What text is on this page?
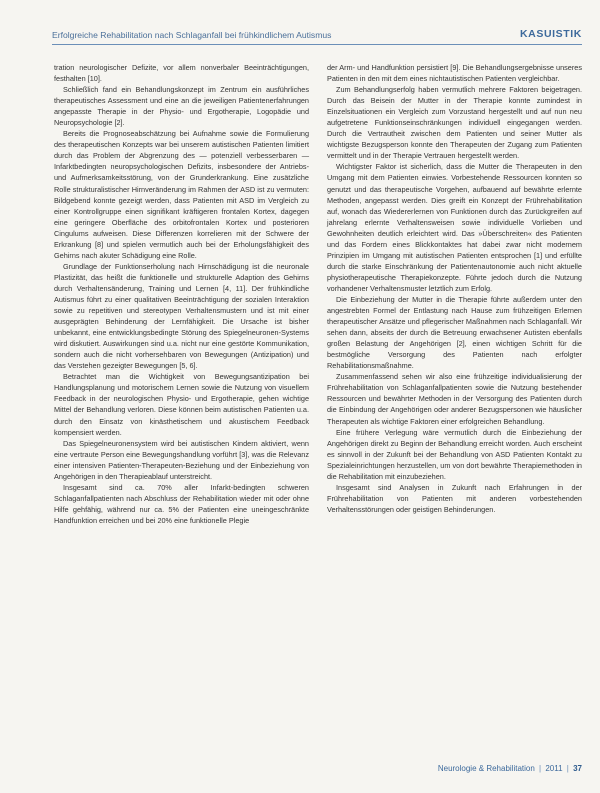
Erfolgreiche Rehabilitation nach Schlaganfall bei frühkindlichem Autismus	KASUISTIK

tration neurologischer Defizite, vor allem nonverbaler Beeinträchtigungen, festhalten [10].

Schließlich fand ein Behandlungskonzept im Zentrum ein ausführliches therapeutisches Assessment und eine an die jeweiligen Patientenerfahrungen angepasste Therapie in der Physio- und Ergotherapie, Logopädie und Neuropsychologie [2].

Bereits die Prognoseabschätzung bei Aufnahme sowie die Formulierung des therapeutischen Konzepts war bei unserem autistischen Patienten limitiert durch das Problem der Abgrenzung des — potenziell verbesserbaren — Infarktbedingten neuropsychologischen Defizits, insbesondere der Antriebs- und Aufmerksamkeitsstörung, von der Grunderkrankung. Eine zusätzliche Rolle strukturalistischer Hirnveränderung im Rahmen der ASD ist zu vermuten: Bildgebend konnte gezeigt werden, dass Patienten mit ASD im Vergleich zu einer Kontrollgruppe einen signifikant kräftigeren frontalen Kortex, dagegen eine geringere Oberfläche des orbitofrontalen Kortex und posterioren Cingulums aufweisen. Diese Differenzen korrelieren mit der Schwere der Erkrankung [8] und spielen vermutlich auch bei der Erholungsfähigkeit des Gehirns nach akuter Schädigung eine Rolle.

Grundlage der Funktionserholung nach Hirnschädigung ist die neuronale Plastizität, das heißt die funktionelle und strukturelle Adaption des Gehirns durch Verhaltensänderung, Training und Lernen [4, 11]. Der frühkindliche Autismus führt zu einer qualitativen Beeinträchtigung der sozialen Interaktion sowie zu repetitiven und stereotypen Verhaltensmustern und ist mit einer ausgeprägten Behinderung der Lernfähigkeit. Die Ursache ist bisher unbekannt, eine entwicklungsbedingte Störung des Spiegelneuronen-Systems wird diskutiert. Auswirkungen sind u.a. nicht nur eine gestörte Kommunikation, sondern auch die nicht vorhersehbaren von Bewegungen (Antizipation) und das Verstehen gezeigter Bewegungen [5, 6].

Betrachtet man die Wichtigkeit von Bewegungsantizipation bei Handlungsplanung und motorischem Lernen sowie die Nutzung von visuellem Feedback in der neurologischen Physio- und Ergotherapie, gehen wichtige Mittel der Behandlung verloren. Diese können beim autistischen Patienten u.a. durch den Einsatz von kinästhetischem und akustischem Feedback kompensiert werden.

Das Spiegelneuronensystem wird bei autistischen Kindern aktiviert, wenn eine vertraute Person eine Bewegungshandlung vorführt [3], was die Relevanz einer intensiven Patienten-Therapeuten-Beziehung und der Einbeziehung von Angehörigen in den Therapieablauf unterstreicht.

Insgesamt sind ca. 70% aller Infarkt-bedingten schweren Schlaganfallpatienten nach Abschluss der Rehabilitation wieder mit oder ohne Hilfe gehfähig, während nur ca. 5% der Patienten eine uneingeschränkte Handfunktion erreichen und bei 20% eine funktionelle Plegie

der Arm- und Handfunktion persistiert [9]. Die Behandlungsergebnisse unseres Patienten in den mit dem eines nichtautistischen Patienten vergleichbar.

Zum Behandlungserfolg haben vermutlich mehrere Faktoren beigetragen. Durch das Beisein der Mutter in der Therapie konnte zumindest in Einzelsituationen ein Vergleich zum Vorzustand hergestellt und auf nun neu aufgetretene Funktionseinschränkungen individuell eingegangen werden. Durch die Vertrautheit zwischen dem Patienten und seiner Mutter als wichtigste Bezugsperson konnte den Therapeuten der Zugang zum Patienten vermittelt und in der Therapie Vertrauen hergestellt werden.

Wichtigster Faktor ist sicherlich, dass die Mutter die Therapeuten in den Umgang mit dem Patienten einwies. Vorbestehende Ressourcen konnten so genutzt und das therapeutische Vorgehen, aufbauend auf bewährte erlernte Methoden, angepasst werden. Dies greift ein Konzept der Frührehabilitation auf, wonach das Wiedererlernen von Funktionen durch das Zurückgreifen auf jahrelang erlernte Verhaltensweisen sowie individuelle Vorlieben und Gewohnheiten deutlich erleichtert wird. Das »Überschreiten« des Patienten und das Fordern eines Blickkontaktes hat dabei zwar nicht modernem Prinzipien im Umgang mit autistischen Patienten entsprochen [1] und erfüllte durch die starke Einschränkung der Patientenautonomie auch nicht aktuelle physiotherapeutische Therapiekonzepte. Führte jedoch durch die Nutzung vorhandener Verhaltensmuster letztlich zum Erfolg.

Die Einbeziehung der Mutter in die Therapie führte außerdem unter den angestrebten Formel der Entlastung nach Hause zum frühzeitigen Erlernen therapeutischer Ansätze und pflegerischer Maßnahmen nach Schlaganfall. Wir sehen dann, abseits der durch die Betreuung erwachsener Autisten ebenfalls großen Belastung der Angehörigen [2], einen wichtigen Schritt für die bestmögliche Versorgung des Patienten nach erfolgter Rehabilitationsmaßnahme.

Zusammenfassend sehen wir also eine frühzeitige individualisierung der Frührehabilitation von Schlaganfallpatienten sowie die Nutzung bestehender Ressourcen und bewährter Methoden in der Versorgung des Patienten durch die Einbindung der Angehörigen oder anderer Bezugspersonen wie häuslicher Therapeuten als wichtige Faktoren einer erfolgreichen Behandlung.

Eine frühere Verlegung wäre vermutlich durch die Einbeziehung der Angehörigen direkt zu Beginn der Behandlung erreicht worden. Auch erscheint es sinnvoll in der Zukunft bei der Behandlung von ASD Patienten Kontakt zu Spezialeinrichtungen herzustellen, um von dort bewährte Therapiemethoden in die Rehabilitation mit einzubeziehen.

Insgesamt sind Analysen in Zukunft nach Erfahrungen in der Frührehabilitation von Patienten mit anderen vorbestehenden Verhaltensstörungen oder geistigen Behinderungen.

Neurologie & Rehabilitation | 2011 | 37
